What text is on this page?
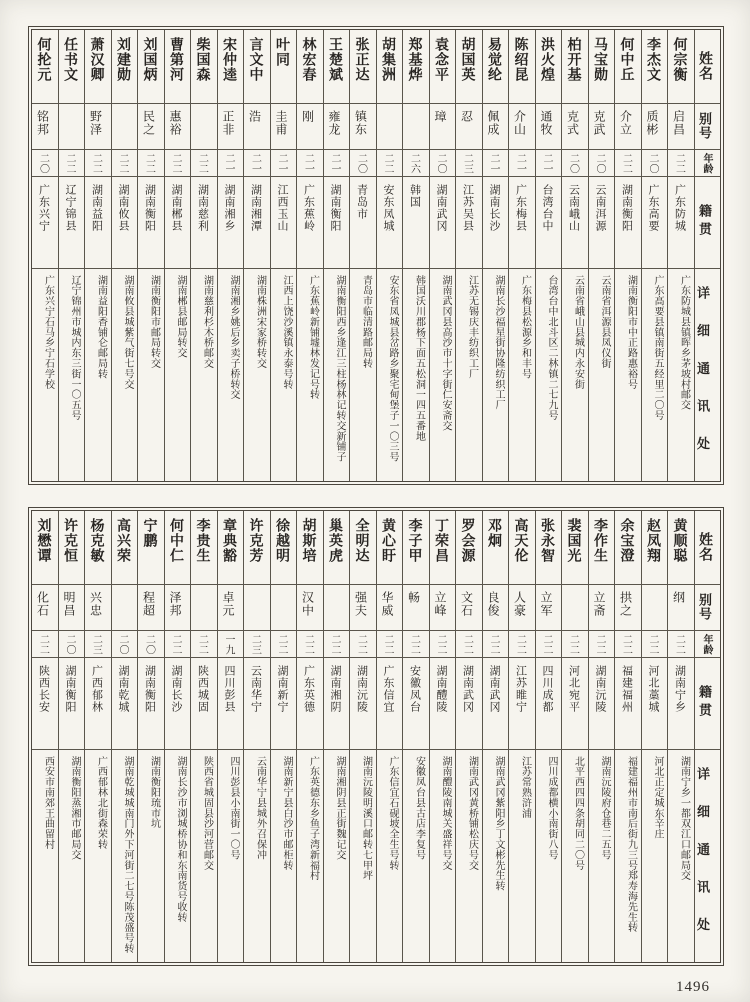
姓名
别号
年龄
籍贯
详细通讯处
何宗衡
启昌
二二
广东防城
广东防城县镇晖乡茅坡村邮交
李杰文
质彬
二〇
广东高要
广东高要县镇南街五经里二〇号
何中丘
介立
二二
湖南衡阳
湖南衡阳市中正路惠裕号
马宝勋
克武
二〇
云南洱源
云南省洱源县凤仪街
柏开基
克式
二〇
云南峨山
云南省峨山县城内永安街
洪火煌
通牧
二一
台湾台中
台湾台中北斗区二林镇二七九号
陈绍昆
介山
二一
广东梅县
广东梅县松源乡和丰号
易觉纶
佩成
二一
湖南长沙
湖南长沙福星街协隆纺织工厂
胡国英
忍
二三
江苏吴县
江苏无锡庆丰纺织工厂
袁念平
璋
二〇
湖南武冈
湖南武冈县高沙市十字街仁安斋交
郑基烨
二六
韩国
韩国沃川郡杨下面五松洞一四五番地
胡集洲
二二
安东凤城
安东省凤城县岔路乡聚宅甸堡子一〇三号
张正达
镇东
二〇
青岛市
青岛市临清路邮局转
王楚斌
雍龙
二一
湖南衡阳
湖南衡阳西乡逢江三柱杨林记转交新铺子
林宏春
刚
二一
广东蕉岭
广东蕉岭新铺墟林发记号转
叶同
圭甫
二一
江西玉山
江西上饶沙溪镇永泰号转
言文中
浩
二一
湖南湘潭
湖南株洲宋家桥转交
宋仲逵
正非
二一
湖南湘乡
湖南湘乡姚后乡卖子桥转交
柴国森
二二
湖南慈利
湖南慈利杉木桥邮交
曹第河
惠裕
二二
湖南郴县
湖南郴县邮局转交
刘国炳
民之
二二
湖南衡阳
湖南衡阳市邮局转交
刘建勋
二二
湖南攸县
湖南攸县城紫气街七号交
萧汉卿
野泽
二二
湖南益阳
湖南益阳香铺仑邮局转
任书文
二二
辽宁锦县
辽宁锦州市城内东三街一〇五号
何抡元
铭邦
二〇
广东兴宁
广东兴宁石马乡宁石学校
姓名
别号
年龄
籍贯
详细通讯处
黄顺聪
纲
二二
湖南宁乡
湖南宁乡一都双江口邮局交
赵凤翔
二二
河北藁城
河北正定城东辛庄
余宝澄
拱之
二二
福建福州
福建福州市南后街九三号郑寿海先生转
李作生
立斋
二二
湖南沅陵
湖南沅陵府仓巷二五号
裴国光
二二
河北宛平
北平西四四条胡同二〇号
张永智
立军
二二
四川成都
四川成都横小南街八号
高天伦
人豪
二二
江苏睢宁
江苏常熟浒浦
邓炯
良俊
二二
湖南武冈
湖南武冈紫阳乡丁文彬先生转
罗会源
文石
二二
湖南武冈
湖南武冈黄桥铺松庆号交
丁荣昌
立峰
二二
湖南醴陵
湖南醴陵南城关盛祥号交
李子甲
畅
二二
安徽凤台
安徽凤台县古店李复号
黄心盱
华威
二二
广东信宜
广东信宜石砚坡全生号转
全明达
强夫
二二
湖南沅陵
湖南沅陵明溪口邮转七甲坪
巢英虎
二二
湖南湘阴
湖南湘阴县正街魏记交
胡斯培
汉中
二二
广东英德
广东英德东乡鱼子湾新福村
徐越明
二二
湖南新宁
湖南新宁县白沙市邮柜转
许克芳
二三
云南华宁
云南华宁县城外召保冲
章典豁
卓元
一九
四川彭县
四川彭县小南街一〇号
李贵生
二二
陕西城固
陕西省城固县沙河营邮交
何中仁
泽邦
二二
湖南长沙
湖南长沙市浏城桥协和东南货号收转
宁鹏
程超
二〇
湖南衡阳
湖南衡阳琉市坑
高兴荣
二〇
湖南乾城
湖南乾城城南门外下河街二七号陈茂盛号转
杨克敏
兴忠
二三
广西郁林
广西郁林北街森荣转
许克恒
明昌
二〇
湖南衡阳
湖南衡阳蒸湘市邮局交
刘懋谭
化石
二二
陕西长安
西安市南郊王曲留村
1496
